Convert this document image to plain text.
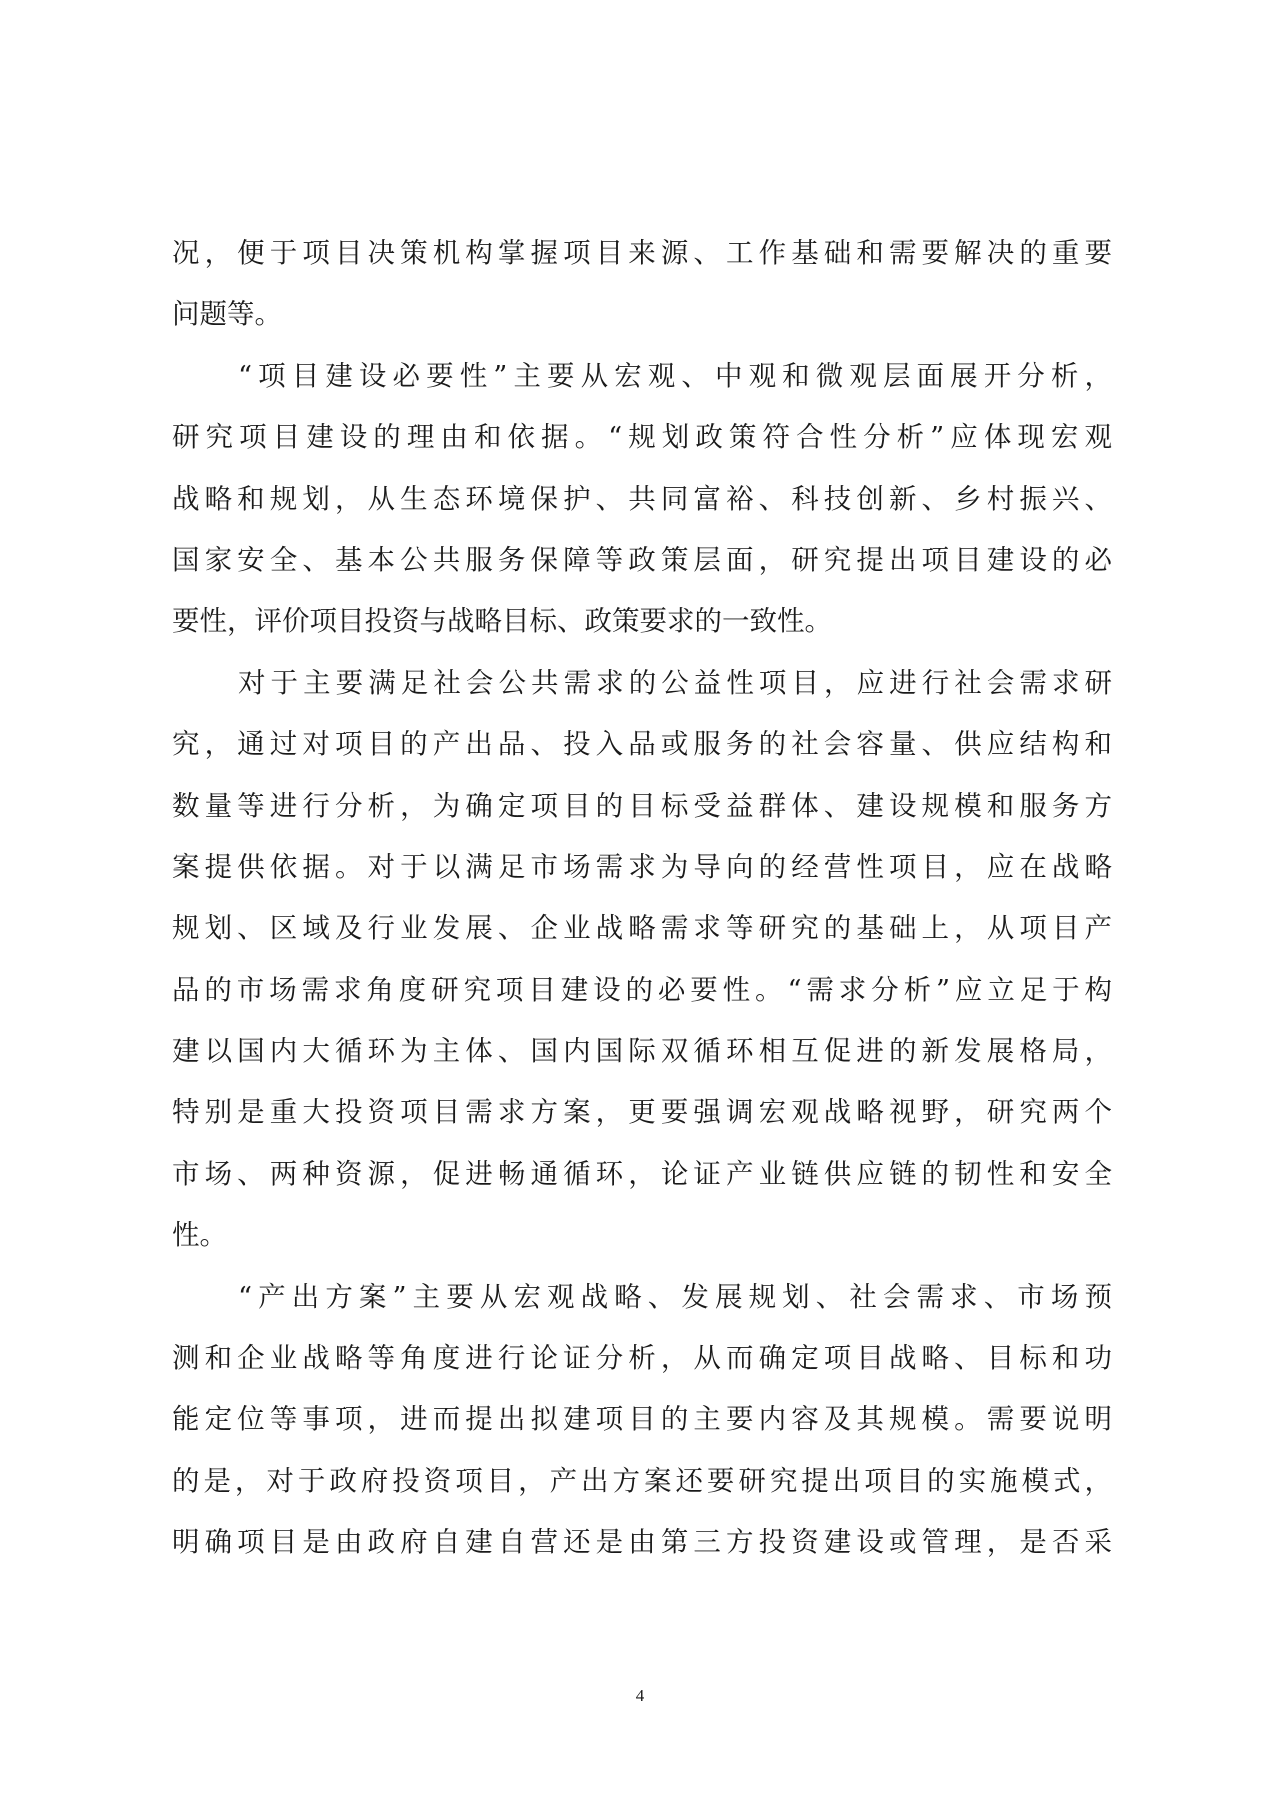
况，便于项目决策机构掌握项目来源、工作基础和需要解决的重要
问题等。
“项目建设必要性”主要从宏观、中观和微观层面展开分析，
研究项目建设的理由和依据。“规划政策符合性分析”应体现宏观
战略和规划，从生态环境保护、共同富裕、科技创新、乡村振兴、
国家安全、基本公共服务保障等政策层面，研究提出项目建设的必
要性，评价项目投资与战略目标、政策要求的一致性。
对于主要满足社会公共需求的公益性项目，应进行社会需求研
究，通过对项目的产出品、投入品或服务的社会容量、供应结构和
数量等进行分析，为确定项目的目标受益群体、建设规模和服务方
案提供依据。对于以满足市场需求为导向的经营性项目，应在战略
规划、区域及行业发展、企业战略需求等研究的基础上，从项目产
品的市场需求角度研究项目建设的必要性。“需求分析”应立足于构
建以国内大循环为主体、国内国际双循环相互促进的新发展格局，
特别是重大投资项目需求方案，更要强调宏观战略视野，研究两个
市场、两种资源，促进畅通循环，论证产业链供应链的韧性和安全
性。
“产出方案”主要从宏观战略、发展规划、社会需求、市场预
测和企业战略等角度进行论证分析，从而确定项目战略、目标和功
能定位等事项，进而提出拟建项目的主要内容及其规模。需要说明
的是，对于政府投资项目，产出方案还要研究提出项目的实施模式，
明确项目是由政府自建自营还是由第三方投资建设或管理，是否采
4
